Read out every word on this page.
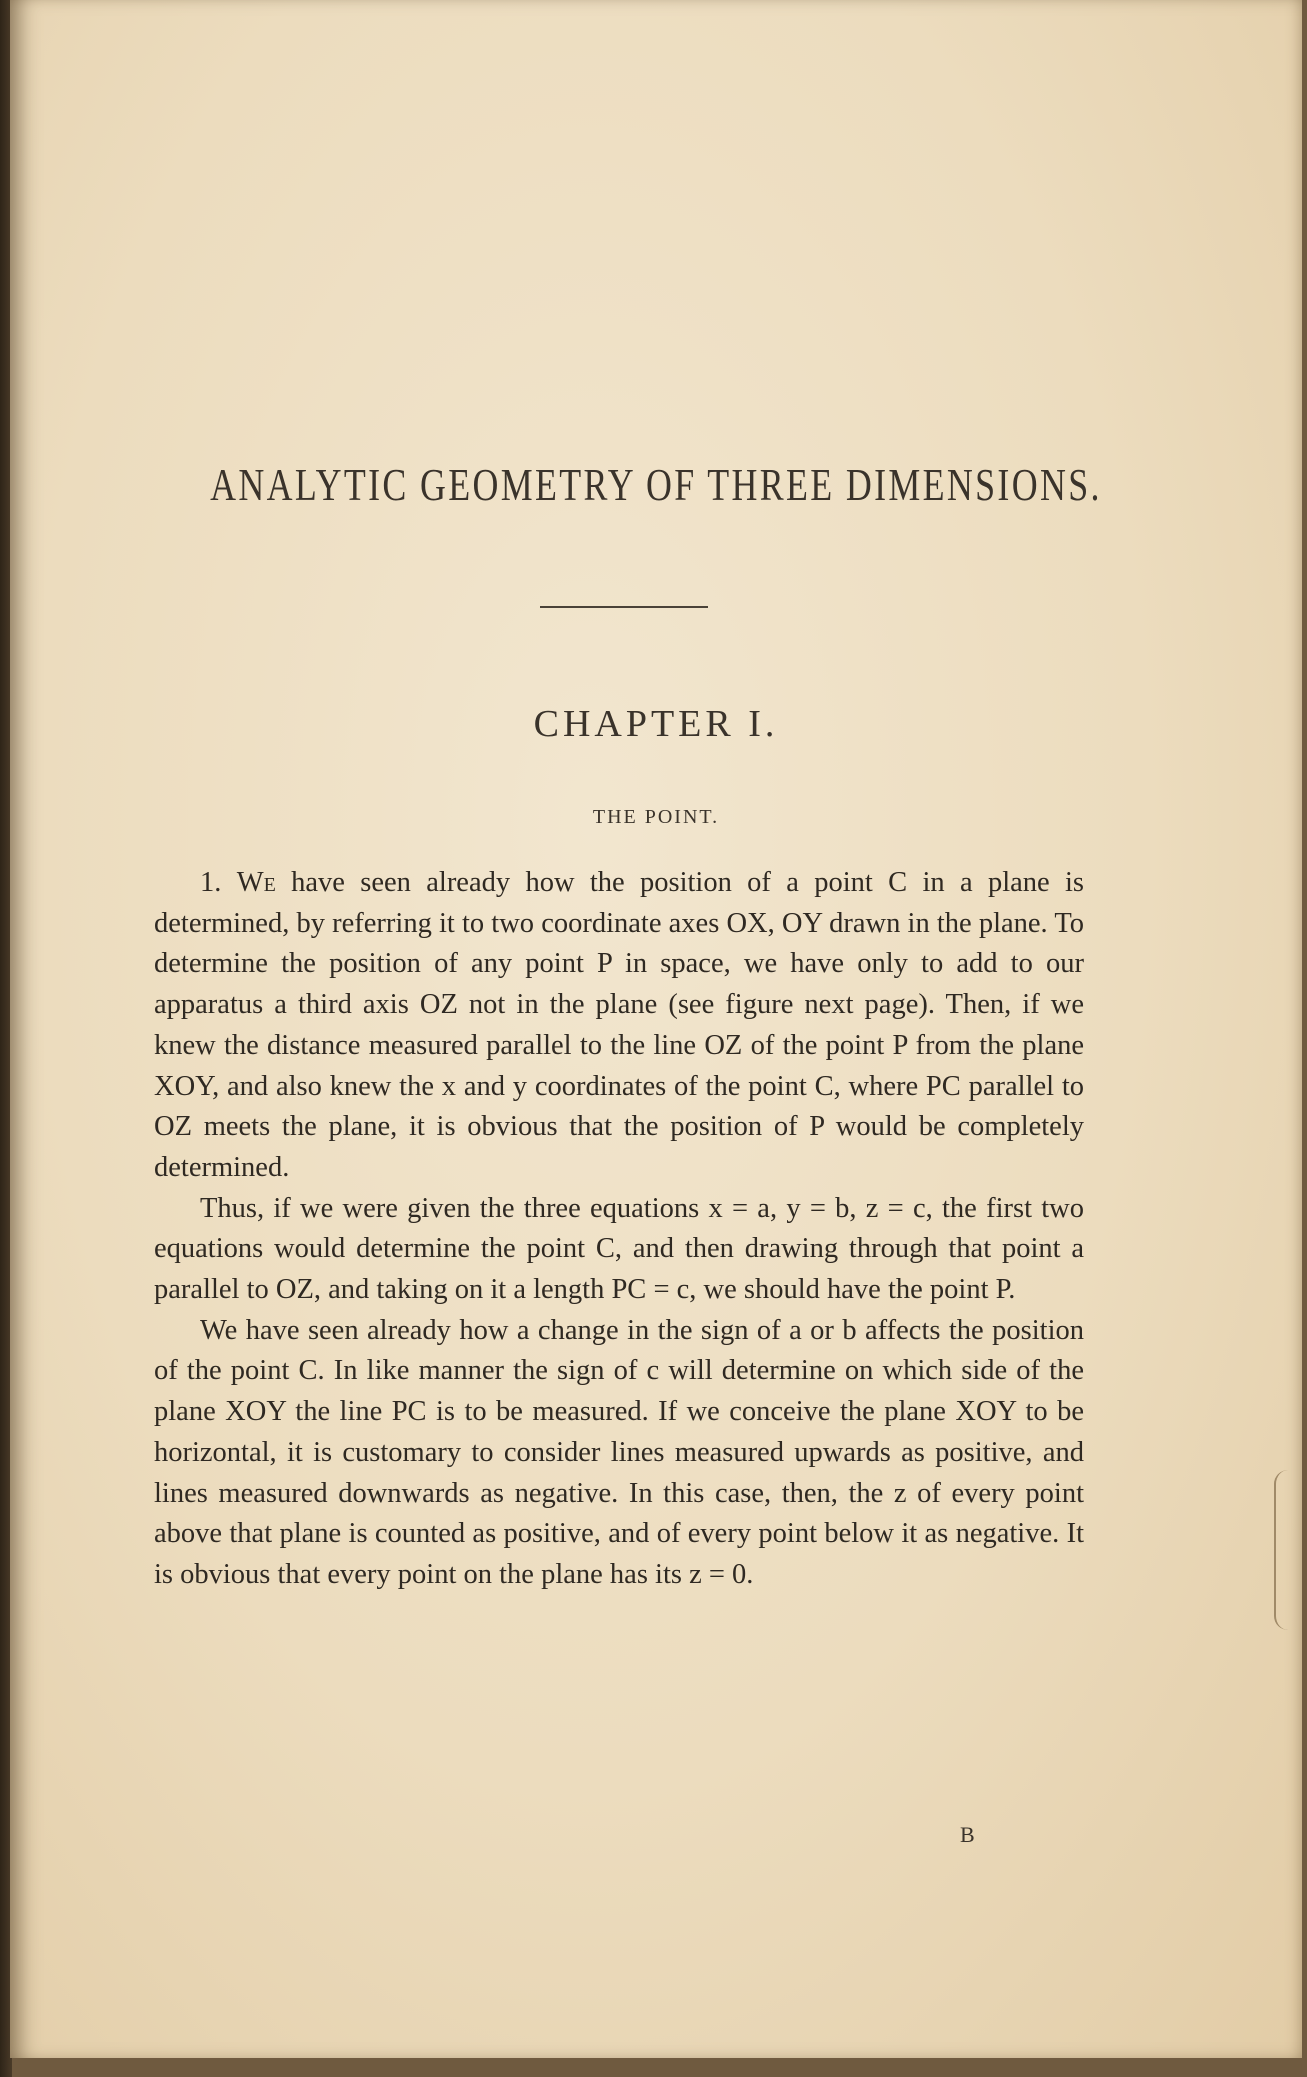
ANALYTIC GEOMETRY OF THREE DIMENSIONS.
CHAPTER I.
THE POINT.

1. We have seen already how the position of a point C in a plane is determined, by referring it to two coordinate axes OX, OY drawn in the plane. To determine the position of any point P in space, we have only to add to our apparatus a third axis OZ not in the plane (see figure next page). Then, if we knew the distance measured parallel to the line OZ of the point P from the plane XOY, and also knew the x and y coordinates of the point C, where PC parallel to OZ meets the plane, it is obvious that the position of P would be completely determined.

Thus, if we were given the three equations x = a, y = b, z = c, the first two equations would determine the point C, and then drawing through that point a parallel to OZ, and taking on it a length PC = c, we should have the point P.

We have seen already how a change in the sign of a or b affects the position of the point C. In like manner the sign of c will determine on which side of the plane XOY the line PC is to be measured. If we conceive the plane XOY to be horizontal, it is customary to consider lines measured upwards as positive, and lines measured downwards as negative. In this case, then, the z of every point above that plane is counted as positive, and of every point below it as negative. It is obvious that every point on the plane has its z = 0.

B
